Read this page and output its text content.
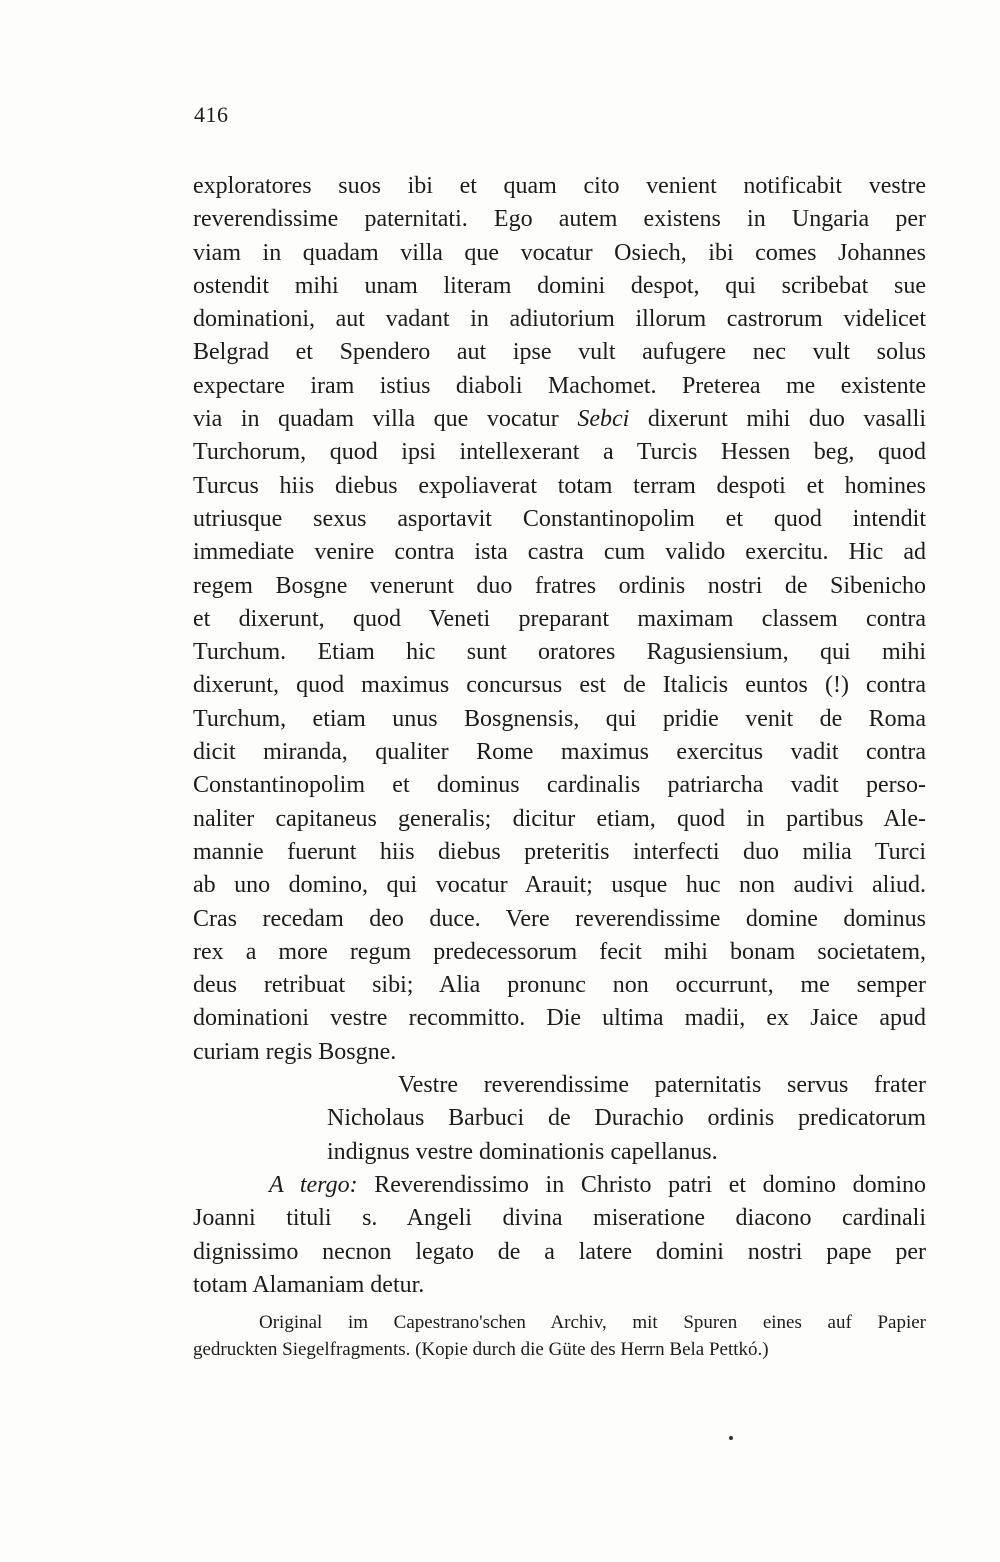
416
exploratores suos ibi et quam cito venient notificabit vestre
reverendissime paternitati. Ego autem existens in Ungaria per
viam in quadam villa que vocatur Osiech, ibi comes Johannes
ostendit mihi unam literam domini despot, qui scribebat sue
dominationi, aut vadant in adiutorium illorum castrorum videlicet
Belgrad et Spendero aut ipse vult aufugere nec vult solus
expectare iram istius diaboli Machomet. Preterea me existente
via in quadam villa que vocatur Sebci dixerunt mihi duo vasalli
Turchorum, quod ipsi intellexerant a Turcis Hessen beg, quod
Turcus hiis diebus expoliaverat totam terram despoti et homines
utriusque sexus asportavit Constantinopolim et quod intendit
immediate venire contra ista castra cum valido exercitu. Hic ad
regem Bosgne venerunt duo fratres ordinis nostri de Sibenicho
et dixerunt, quod Veneti preparant maximam classem contra
Turchum. Etiam hic sunt oratores Ragusiensium, qui mihi
dixerunt, quod maximus concursus est de Italicis euntos (!) contra
Turchum, etiam unus Bosgnensis, qui pridie venit de Roma
dicit miranda, qualiter Rome maximus exercitus vadit contra
Constantinopolim et dominus cardinalis patriarcha vadit perso-
naliter capitaneus generalis; dicitur etiam, quod in partibus Ale-
mannie fuerunt hiis diebus preteritis interfecti duo milia Turci
ab uno domino, qui vocatur Arauit; usque huc non audivi aliud.
Cras recedam deo duce. Vere reverendissime domine dominus
rex a more regum predecessorum fecit mihi bonam societatem,
deus retribuat sibi; Alia pronunc non occurrunt, me semper
dominationi vestre recommitto. Die ultima madii, ex Jaice apud
curiam regis Bosgne.
Vestre reverendissime paternitatis servus frater
Nicholaus Barbuci de Durachio ordinis predicatorum
indignus vestre dominationis capellanus.
A tergo: Reverendissimo in Christo patri et domino domino
Joanni tituli s. Angeli divina miseratione diacono cardinali
dignissimo necnon legato de a latere domini nostri pape per
totam Alamaniam detur.
Original im Capestrano'schen Archiv, mit Spuren eines auf Papier
gedruckten Siegelfragments. (Kopie durch die Güte des Herrn Bela Pettkó.)
